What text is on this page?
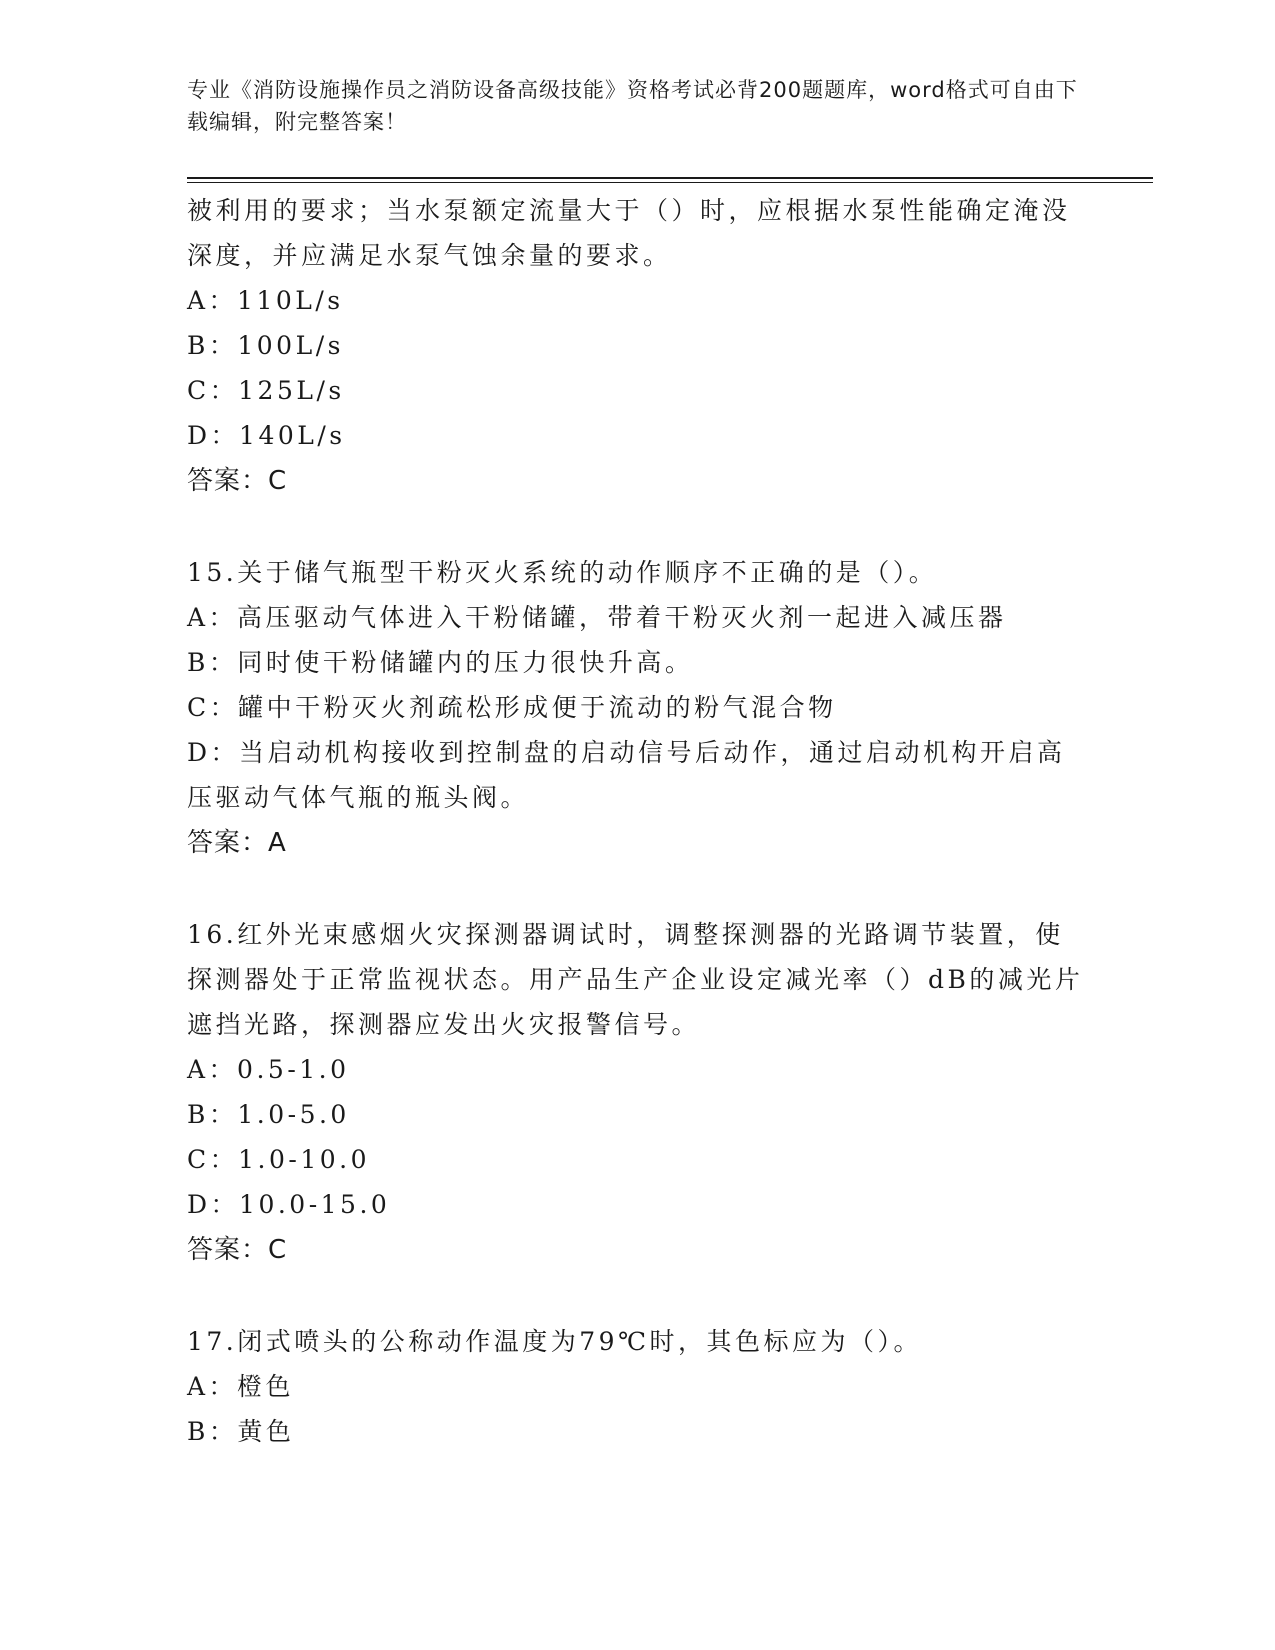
专业《消防设施操作员之消防设备高级技能》资格考试必背200题题库，word格式可自由下载编辑，附完整答案！

被利用的要求；当水泵额定流量大于（）时，应根据水泵性能确定淹没深度，并应满足水泵气蚀余量的要求。

A：110L/s

B：100L/s

C：125L/s

D：140L/s

答案：C

15.关于储气瓶型干粉灭火系统的动作顺序不正确的是（）。

A：高压驱动气体进入干粉储罐，带着干粉灭火剂一起进入减压器

B：同时使干粉储罐内的压力很快升高。

C：罐中干粉灭火剂疏松形成便于流动的粉气混合物

D：当启动机构接收到控制盘的启动信号后动作，通过启动机构开启高压驱动气体气瓶的瓶头阀。

答案：A

16.红外光束感烟火灾探测器调试时，调整探测器的光路调节装置，使探测器处于正常监视状态。用产品生产企业设定减光率（）dB的减光片遮挡光路，探测器应发出火灾报警信号。

A：0.5-1.0

B：1.0-5.0

C：1.0-10.0

D：10.0-15.0

答案：C

17.闭式喷头的公称动作温度为79℃时，其色标应为（）。

A：橙色

B：黄色
